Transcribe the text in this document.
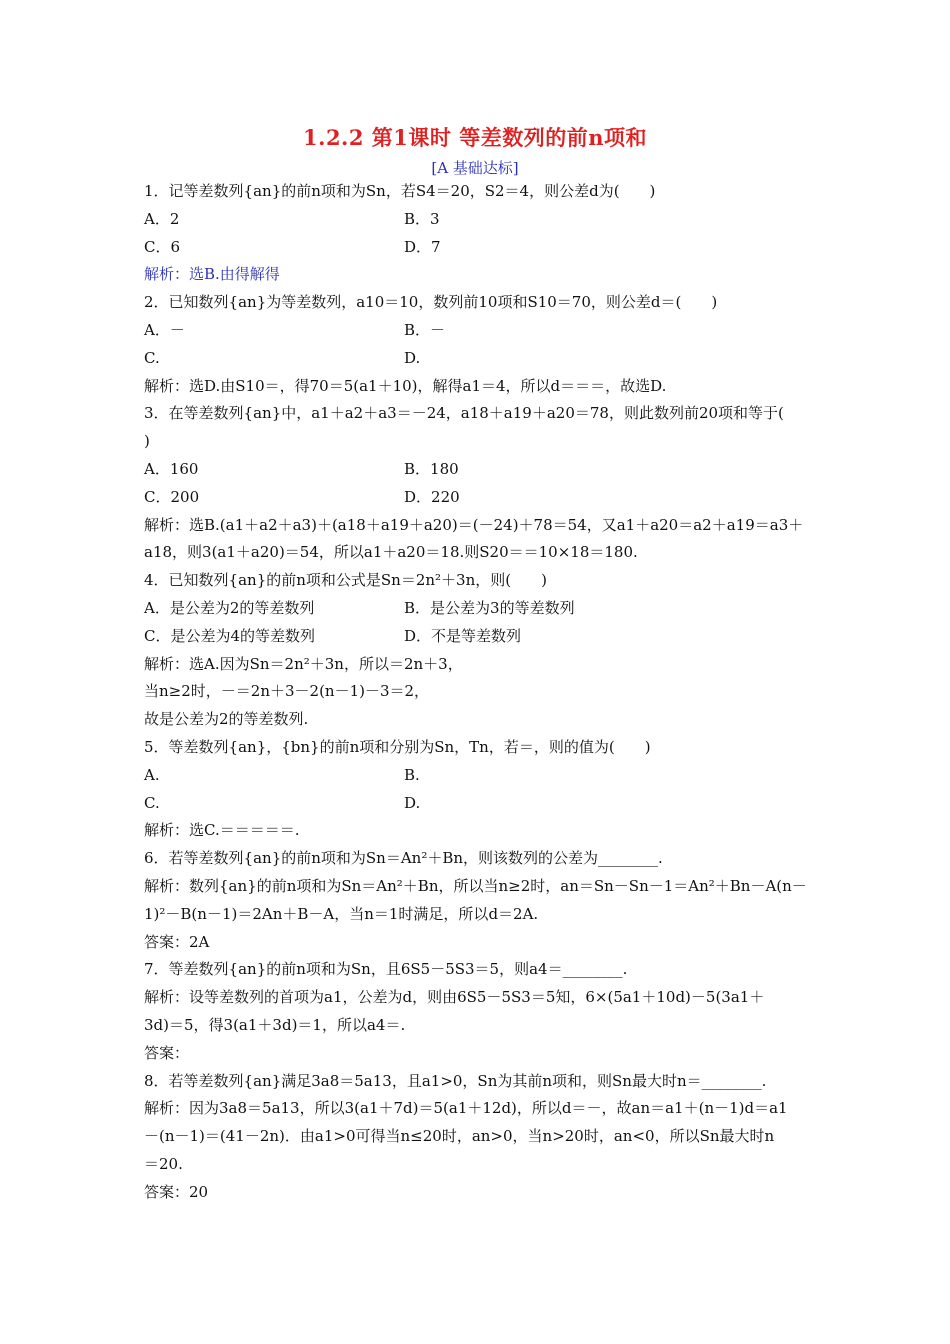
1.2.2 第1课时 等差数列的前n项和
[A 基础达标]
1．记等差数列{an}的前n项和为Sn，若S4＝20，S2＝4，则公差d为(　　)
A．2	B．3
C．6	D．7
解析：选B.由得解得
2．已知数列{an}为等差数列，a10＝10，数列前10项和S10＝70，则公差d＝(　　)
A．－	B．－
C.	D.
解析：选D.由S10＝，得70＝5(a1＋10)，解得a1＝4，所以d＝＝＝，故选D.
3．在等差数列{an}中，a1＋a2＋a3＝－24，a18＋a19＋a20＝78，则此数列前20项和等于(
)
A．160	B．180
C．200	D．220
解析：选B.(a1＋a2＋a3)＋(a18＋a19＋a20)＝(－24)＋78＝54，又a1＋a20＝a2＋a19＝a3＋
a18，则3(a1＋a20)＝54，所以a1＋a20＝18.则S20＝＝10×18＝180.
4．已知数列{an}的前n项和公式是Sn＝2n²＋3n，则(　　)
A．是公差为2的等差数列	B．是公差为3的等差数列
C．是公差为4的等差数列	D．不是等差数列
解析：选A.因为Sn＝2n²＋3n，所以＝2n＋3，
当n≥2时，－＝2n＋3－2(n－1)－3＝2，
故是公差为2的等差数列.
5．等差数列{an}，{bn}的前n项和分别为Sn，Tn，若＝，则的值为(　　)
A.	B.
C.	D.
解析：选C.＝＝＝＝＝.
6．若等差数列{an}的前n项和为Sn＝An²＋Bn，则该数列的公差为________.
解析：数列{an}的前n项和为Sn＝An²＋Bn，所以当n≥2时，an＝Sn－Sn－1＝An²＋Bn－A(n－
1)²－B(n－1)＝2An＋B－A，当n＝1时满足，所以d＝2A.
答案：2A
7．等差数列{an}的前n项和为Sn，且6S5－5S3＝5，则a4＝________.
解析：设等差数列的首项为a1，公差为d，则由6S5－5S3＝5知，6×(5a1＋10d)－5(3a1＋
3d)＝5，得3(a1＋3d)＝1，所以a4＝.
答案：
8．若等差数列{an}满足3a8＝5a13，且a1>0，Sn为其前n项和，则Sn最大时n＝________.
解析：因为3a8＝5a13，所以3(a1＋7d)＝5(a1＋12d)，所以d＝－，故an＝a1＋(n－1)d＝a1
－(n－1)＝(41－2n)．由a1>0可得当n≤20时，an>0，当n>20时，an<0，所以Sn最大时n
＝20.
答案：20
